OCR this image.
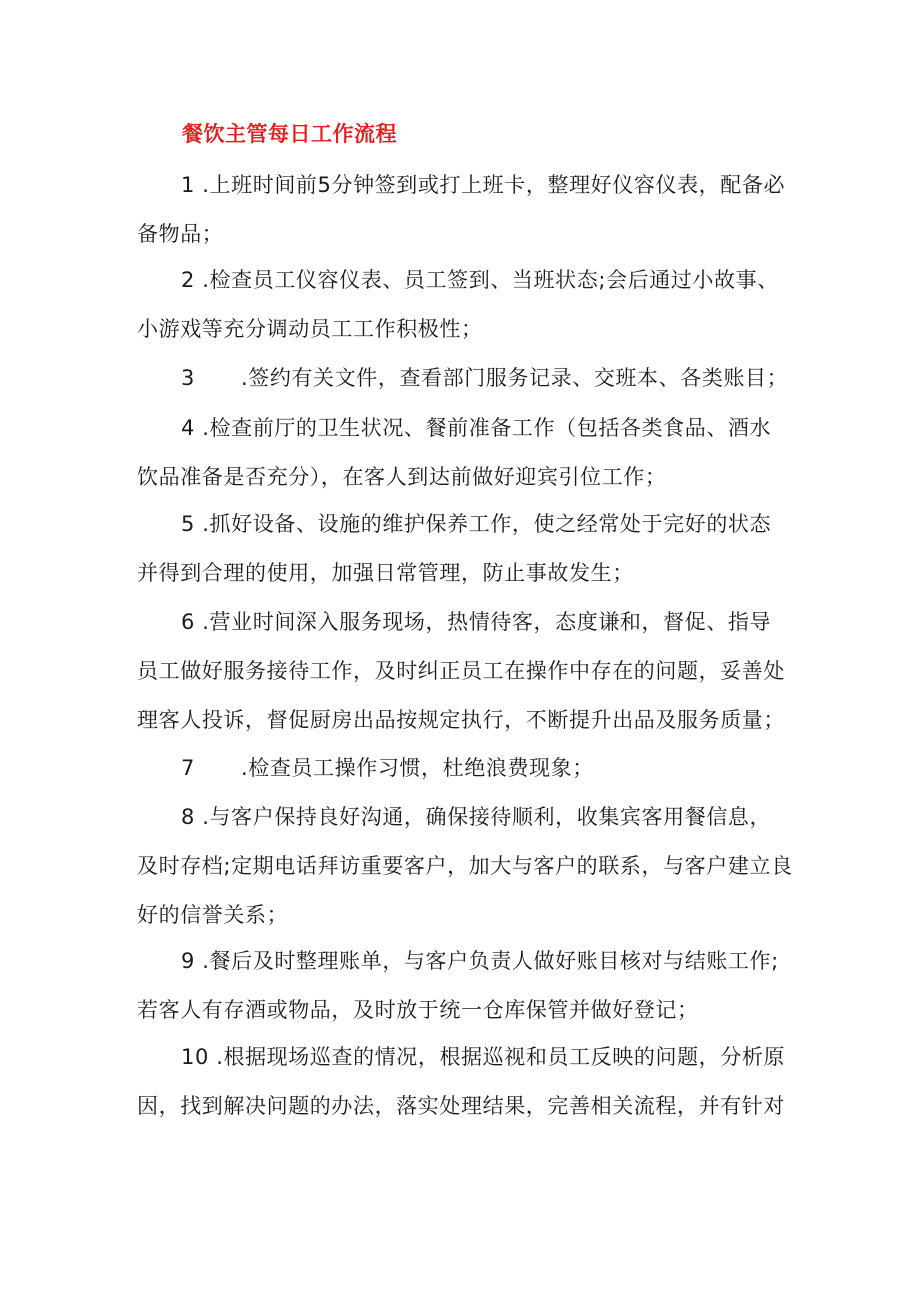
餐饮主管每日工作流程
1 .上班时间前5分钟签到或打上班卡，整理好仪容仪表，配备必
备物品；
2 .检查员工仪容仪表、员工签到、当班状态;会后通过小故事、
小游戏等充分调动员工工作积极性；
3 .签约有关文件，查看部门服务记录、交班本、各类账目；
4 .检查前厅的卫生状况、餐前准备工作（包括各类食品、酒水
饮品准备是否充分），在客人到达前做好迎宾引位工作；
5 .抓好设备、设施的维护保养工作，使之经常处于完好的状态
并得到合理的使用，加强日常管理，防止事故发生；
6 .营业时间深入服务现场，热情待客，态度谦和，督促、指导
员工做好服务接待工作，及时纠正员工在操作中存在的问题，妥善处
理客人投诉，督促厨房出品按规定执行，不断提升出品及服务质量；
7 .检查员工操作习惯，杜绝浪费现象；
8 .与客户保持良好沟通，确保接待顺利，收集宾客用餐信息，
及时存档;定期电话拜访重要客户，加大与客户的联系，与客户建立良
好的信誉关系；
9 .餐后及时整理账单，与客户负责人做好账目核对与结账工作;
若客人有存酒或物品，及时放于统一仓库保管并做好登记；
10 .根据现场巡查的情况，根据巡视和员工反映的问题，分析原
因，找到解决问题的办法，落实处理结果，完善相关流程，并有针对
